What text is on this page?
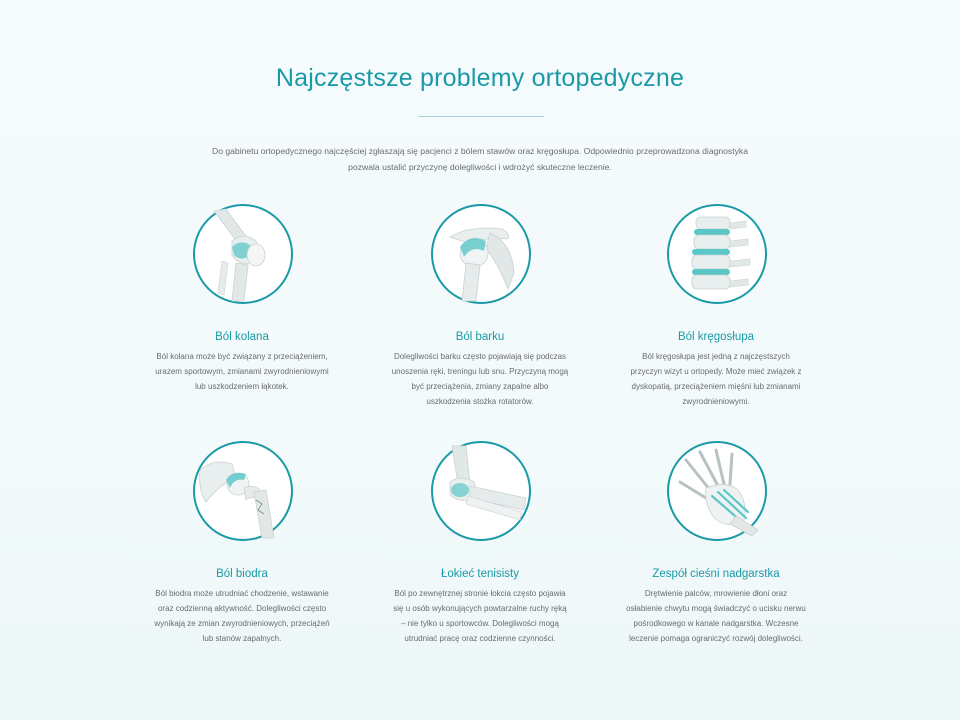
Najczęstsze problemy ortopedyczne
Do gabinetu ortopedycznego najczęściej zgłaszają się pacjenci z bólem stawów oraz kręgosłupa. Odpowiednio przeprowadzona diagnostyka
pozwala ustalić przyczynę dolegliwości i wdrożyć skuteczne leczenie.
Ból kolana
Ból kolana może być związany z przeciążeniem, urazem sportowym, zmianami zwyrodnieniowymi lub uszkodzeniem łąkotek.
Ból barku
Dolegliwości barku często pojawiają się podczas unoszenia ręki, treningu lub snu. Przyczyną mogą być przeciążenia, zmiany zapalne albo uszkodzenia stożka rotatorów.
Ból kręgosłupa
Ból kręgosłupa jest jedną z najczęstszych przyczyn wizyt u ortopedy. Może mieć związek z dyskopatią, przeciążeniem mięśni lub zmianami zwyrodnieniowymi.
Ból biodra
Ból biodra może utrudniać chodzenie, wstawanie oraz codzienną aktywność. Dolegliwości często wynikają ze zmian zwyrodnieniowych, przeciążeń lub stanów zapalnych.
Łokieć tenisisty
Ból po zewnętrznej stronie łokcia często pojawia się u osób wykonujących powtarzalne ruchy ręką – nie tylko u sportowców. Dolegliwości mogą utrudniać pracę oraz codzienne czynności.
Zespół cieśni nadgarstka
Drętwienie palców, mrowienie dłoni oraz osłabienie chwytu mogą świadczyć o ucisku nerwu pośrodkowego w kanale nadgarstka. Wczesne leczenie pomaga ograniczyć rozwój dolegliwości.
